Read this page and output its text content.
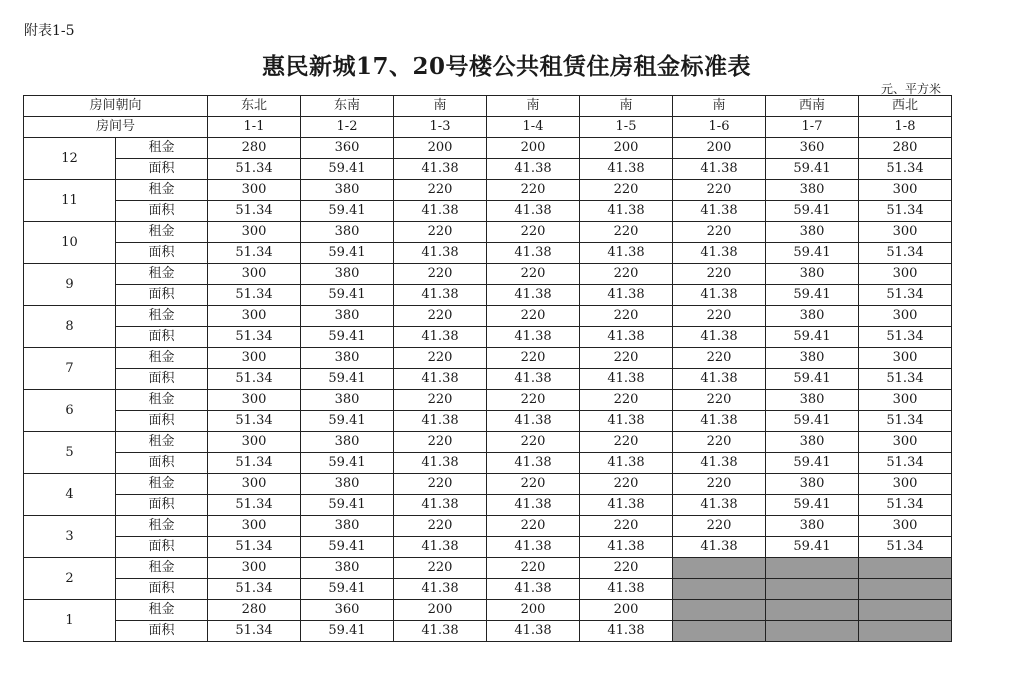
附表1-5
惠民新城17、20号楼公共租赁住房租金标准表
元、平方米
房间朝向		东北	东南	南	南	南	南	西南	西北
房间号		1-1	1-2	1-3	1-4	1-5	1-6	1-7	1-8
12	租金	280	360	200	200	200	200	360	280
	面积	51.34	59.41	41.38	41.38	41.38	41.38	59.41	51.34
11	租金	300	380	220	220	220	220	380	300
	面积	51.34	59.41	41.38	41.38	41.38	41.38	59.41	51.34
10	租金	300	380	220	220	220	220	380	300
	面积	51.34	59.41	41.38	41.38	41.38	41.38	59.41	51.34
9	租金	300	380	220	220	220	220	380	300
	面积	51.34	59.41	41.38	41.38	41.38	41.38	59.41	51.34
8	租金	300	380	220	220	220	220	380	300
	面积	51.34	59.41	41.38	41.38	41.38	41.38	59.41	51.34
7	租金	300	380	220	220	220	220	380	300
	面积	51.34	59.41	41.38	41.38	41.38	41.38	59.41	51.34
6	租金	300	380	220	220	220	220	380	300
	面积	51.34	59.41	41.38	41.38	41.38	41.38	59.41	51.34
5	租金	300	380	220	220	220	220	380	300
	面积	51.34	59.41	41.38	41.38	41.38	41.38	59.41	51.34
4	租金	300	380	220	220	220	220	380	300
	面积	51.34	59.41	41.38	41.38	41.38	41.38	59.41	51.34
3	租金	300	380	220	220	220	220	380	300
	面积	51.34	59.41	41.38	41.38	41.38	41.38	59.41	51.34
2	租金	300	380	220	220	220			
	面积	51.34	59.41	41.38	41.38	41.38			
1	租金	280	360	200	200	200			
	面积	51.34	59.41	41.38	41.38	41.38			
